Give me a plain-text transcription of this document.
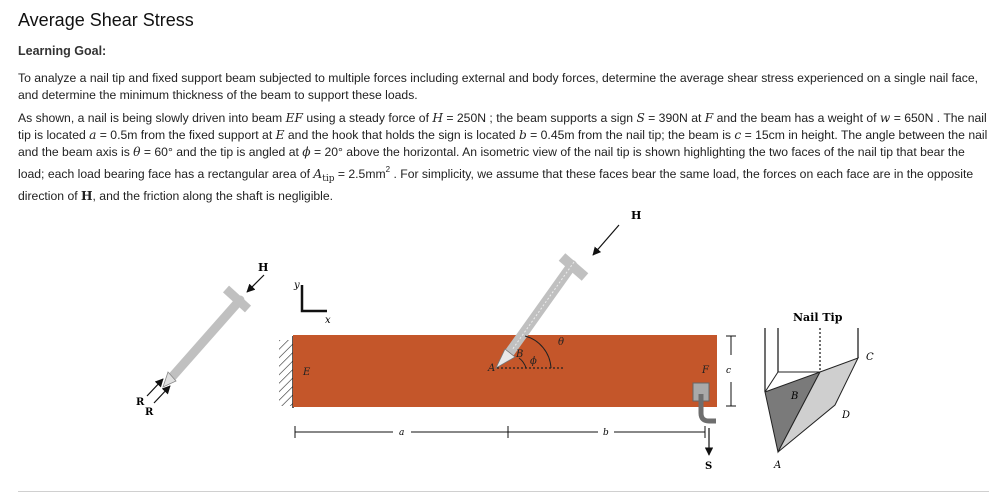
Average Shear Stress

Learning Goal:

To analyze a nail tip and fixed support beam subjected to multiple forces including external and body forces, determine the average shear stress experienced on a single nail face, and determine the minimum thickness of the beam to support these loads.

As shown, a nail is being slowly driven into beam EF using a steady force of H = 250N ; the beam supports a sign S = 390N at F and the beam has a weight of w = 650N . The nail tip is located a = 0.5m from the fixed support at E and the hook that holds the sign is located b = 0.45m from the nail tip; the beam is c = 15cm in height. The angle between the nail and the beam axis is θ = 60° and the tip is angled at ϕ = 20° above the horizontal. An isometric view of the nail tip is shown highlighting the two faces of the nail tip that bear the load; each load bearing face has a rectangular area of $A_{tip} = 2.5mm^2$ . For simplicity, we assume that these faces bear the same load, the forces on each face are in the opposite direction of H, and the friction along the shaft is negligible.

H
R
R
y
x
E	F c
A
B
θ
ϕ
H
S
a	b
Nail Tip
B
C
D
A
